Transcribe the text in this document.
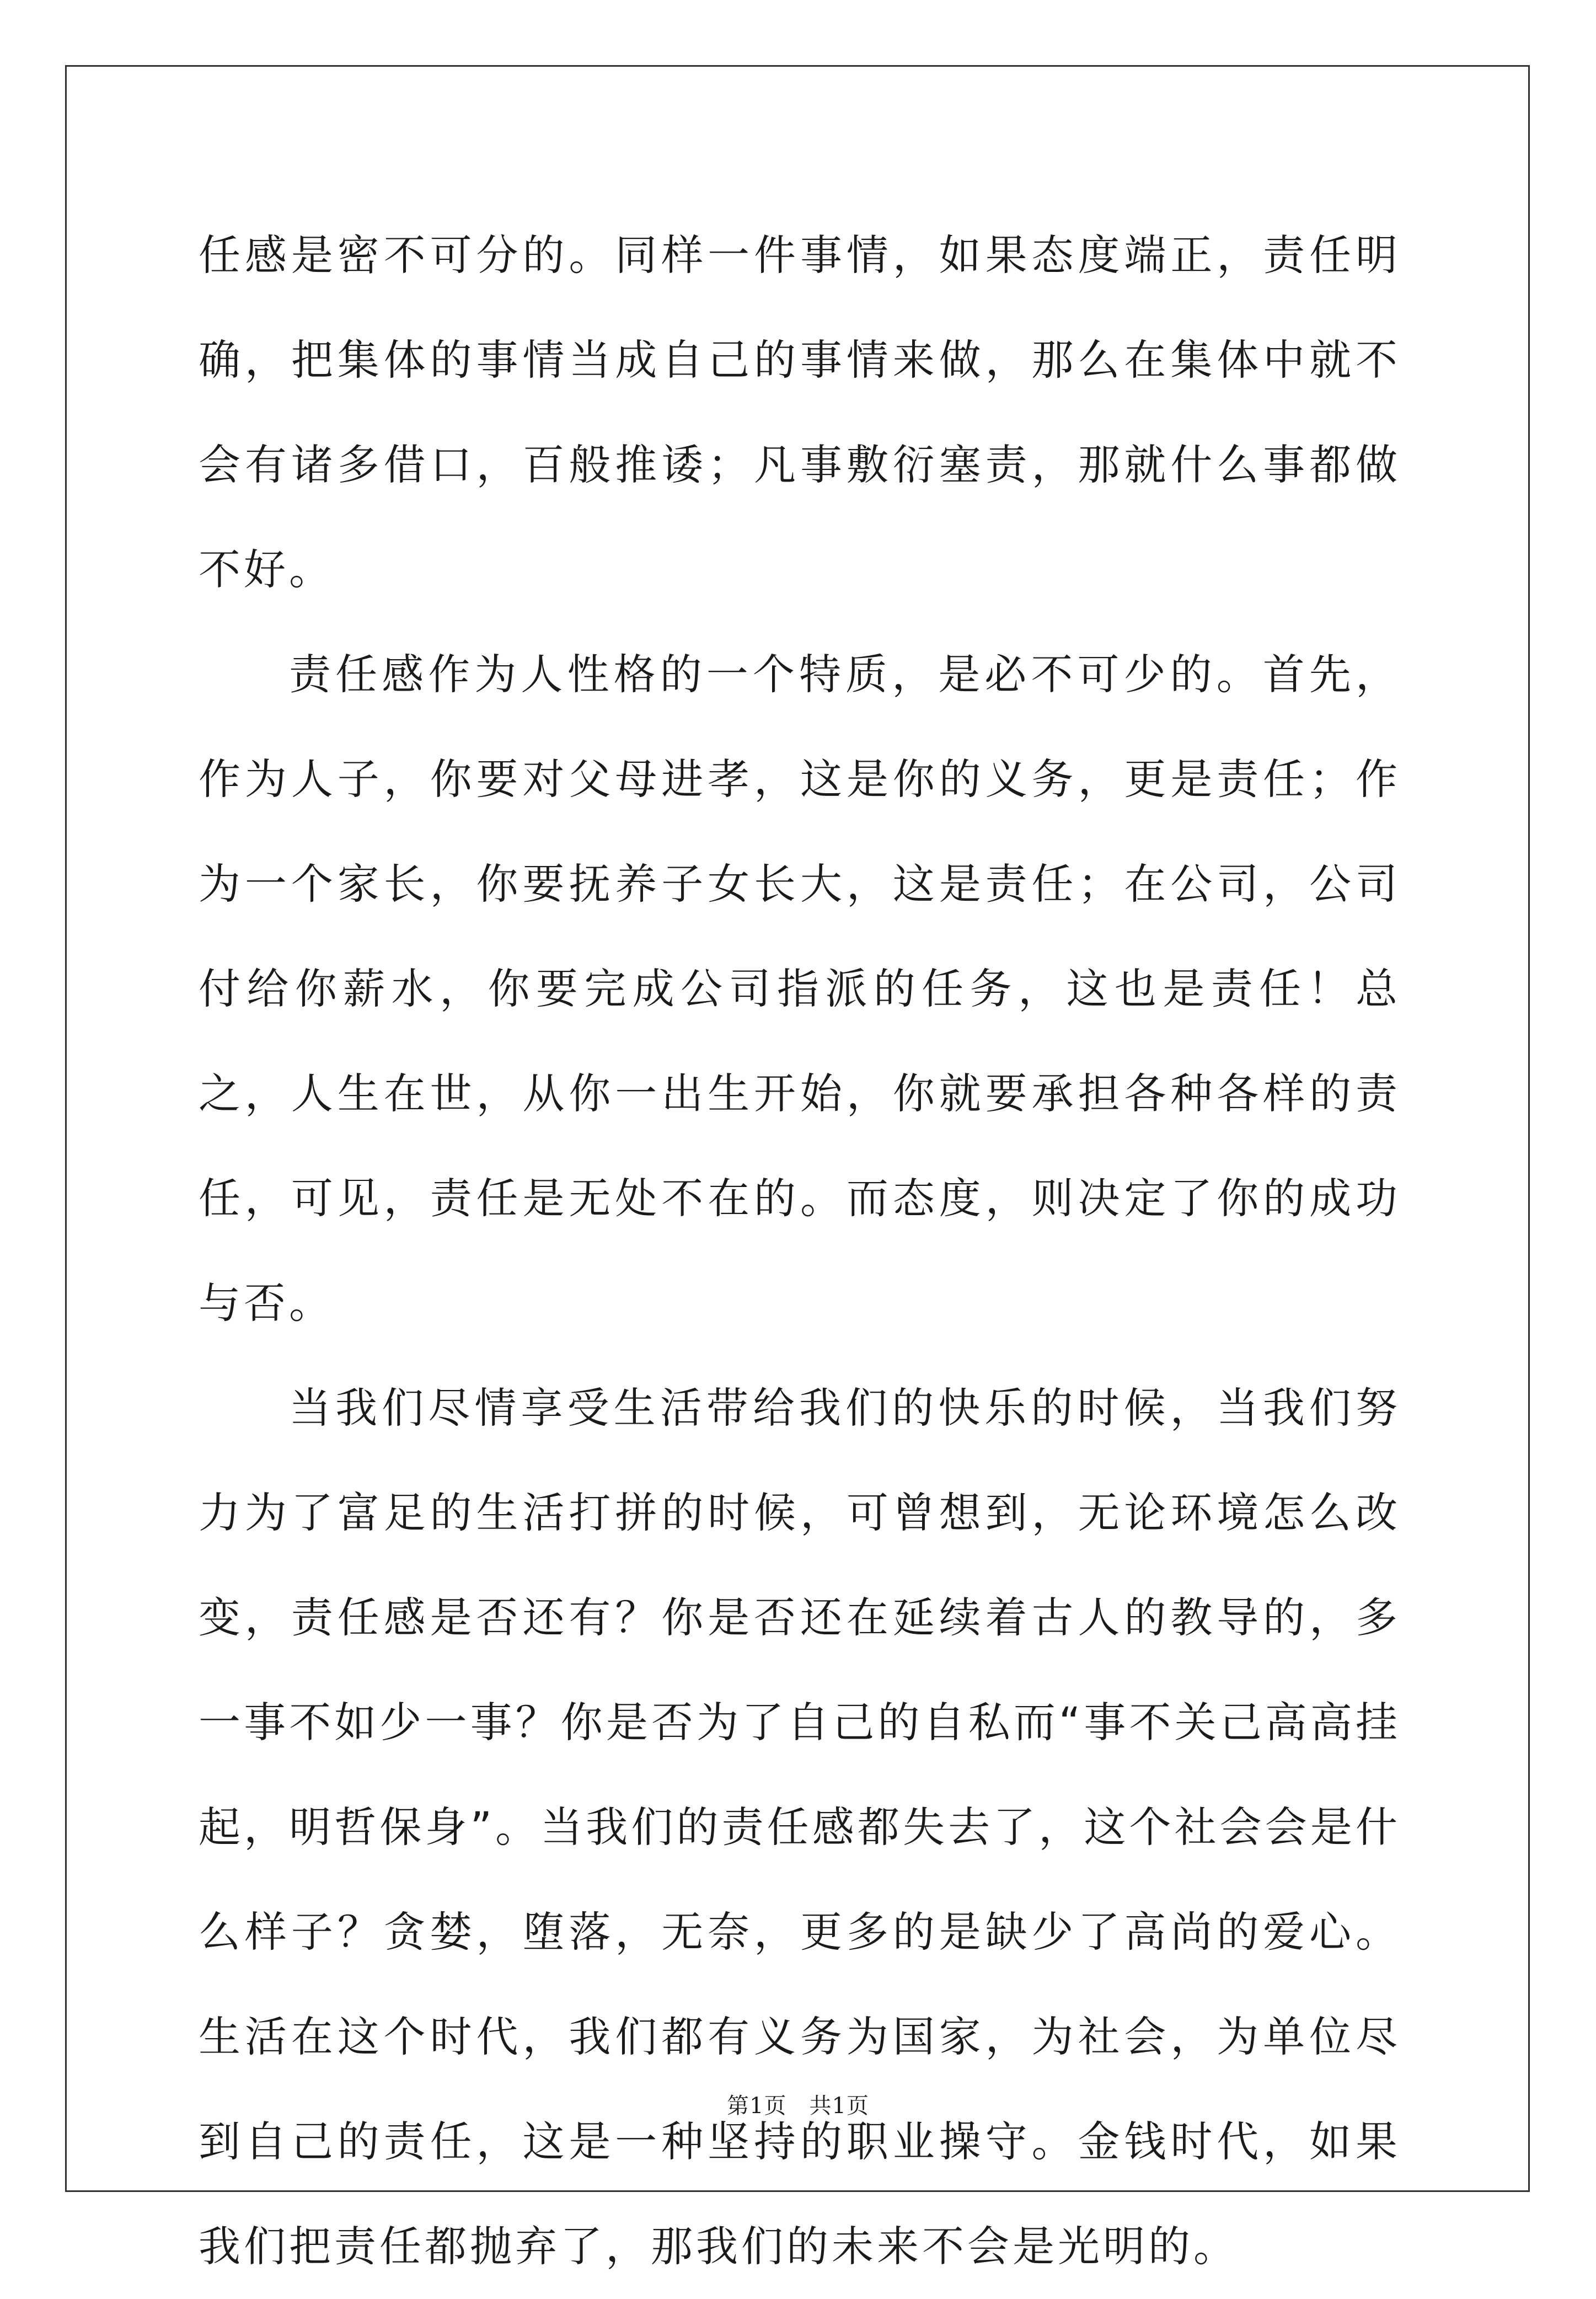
任感是密不可分的。同样一件事情，如果态度端正，责任明确，把集体的事情当成自己的事情来做，那么在集体中就不会有诸多借口，百般推诿；凡事敷衍塞责，那就什么事都做不好。

责任感作为人性格的一个特质，是必不可少的。首先，作为人子，你要对父母进孝，这是你的义务，更是责任；作为一个家长，你要抚养子女长大，这是责任；在公司，公司付给你薪水，你要完成公司指派的任务，这也是责任！总之，人生在世，从你一出生开始，你就要承担各种各样的责任，可见，责任是无处不在的。而态度，则决定了你的成功与否。

当我们尽情享受生活带给我们的快乐的时候，当我们努力为了富足的生活打拼的时候，可曾想到，无论环境怎么改变，责任感是否还有？你是否还在延续着古人的教导的，多一事不如少一事？你是否为了自己的自私而“事不关己高高挂起，明哲保身”。当我们的责任感都失去了，这个社会会是什么样子？贪婪，堕落，无奈，更多的是缺少了高尚的爱心。生活在这个时代，我们都有义务为国家，为社会，为单位尽到自己的责任，这是一种坚持的职业操守。金钱时代，如果我们把责任都抛弃了，那我们的未来不会是光明的。

第1页　共1页
